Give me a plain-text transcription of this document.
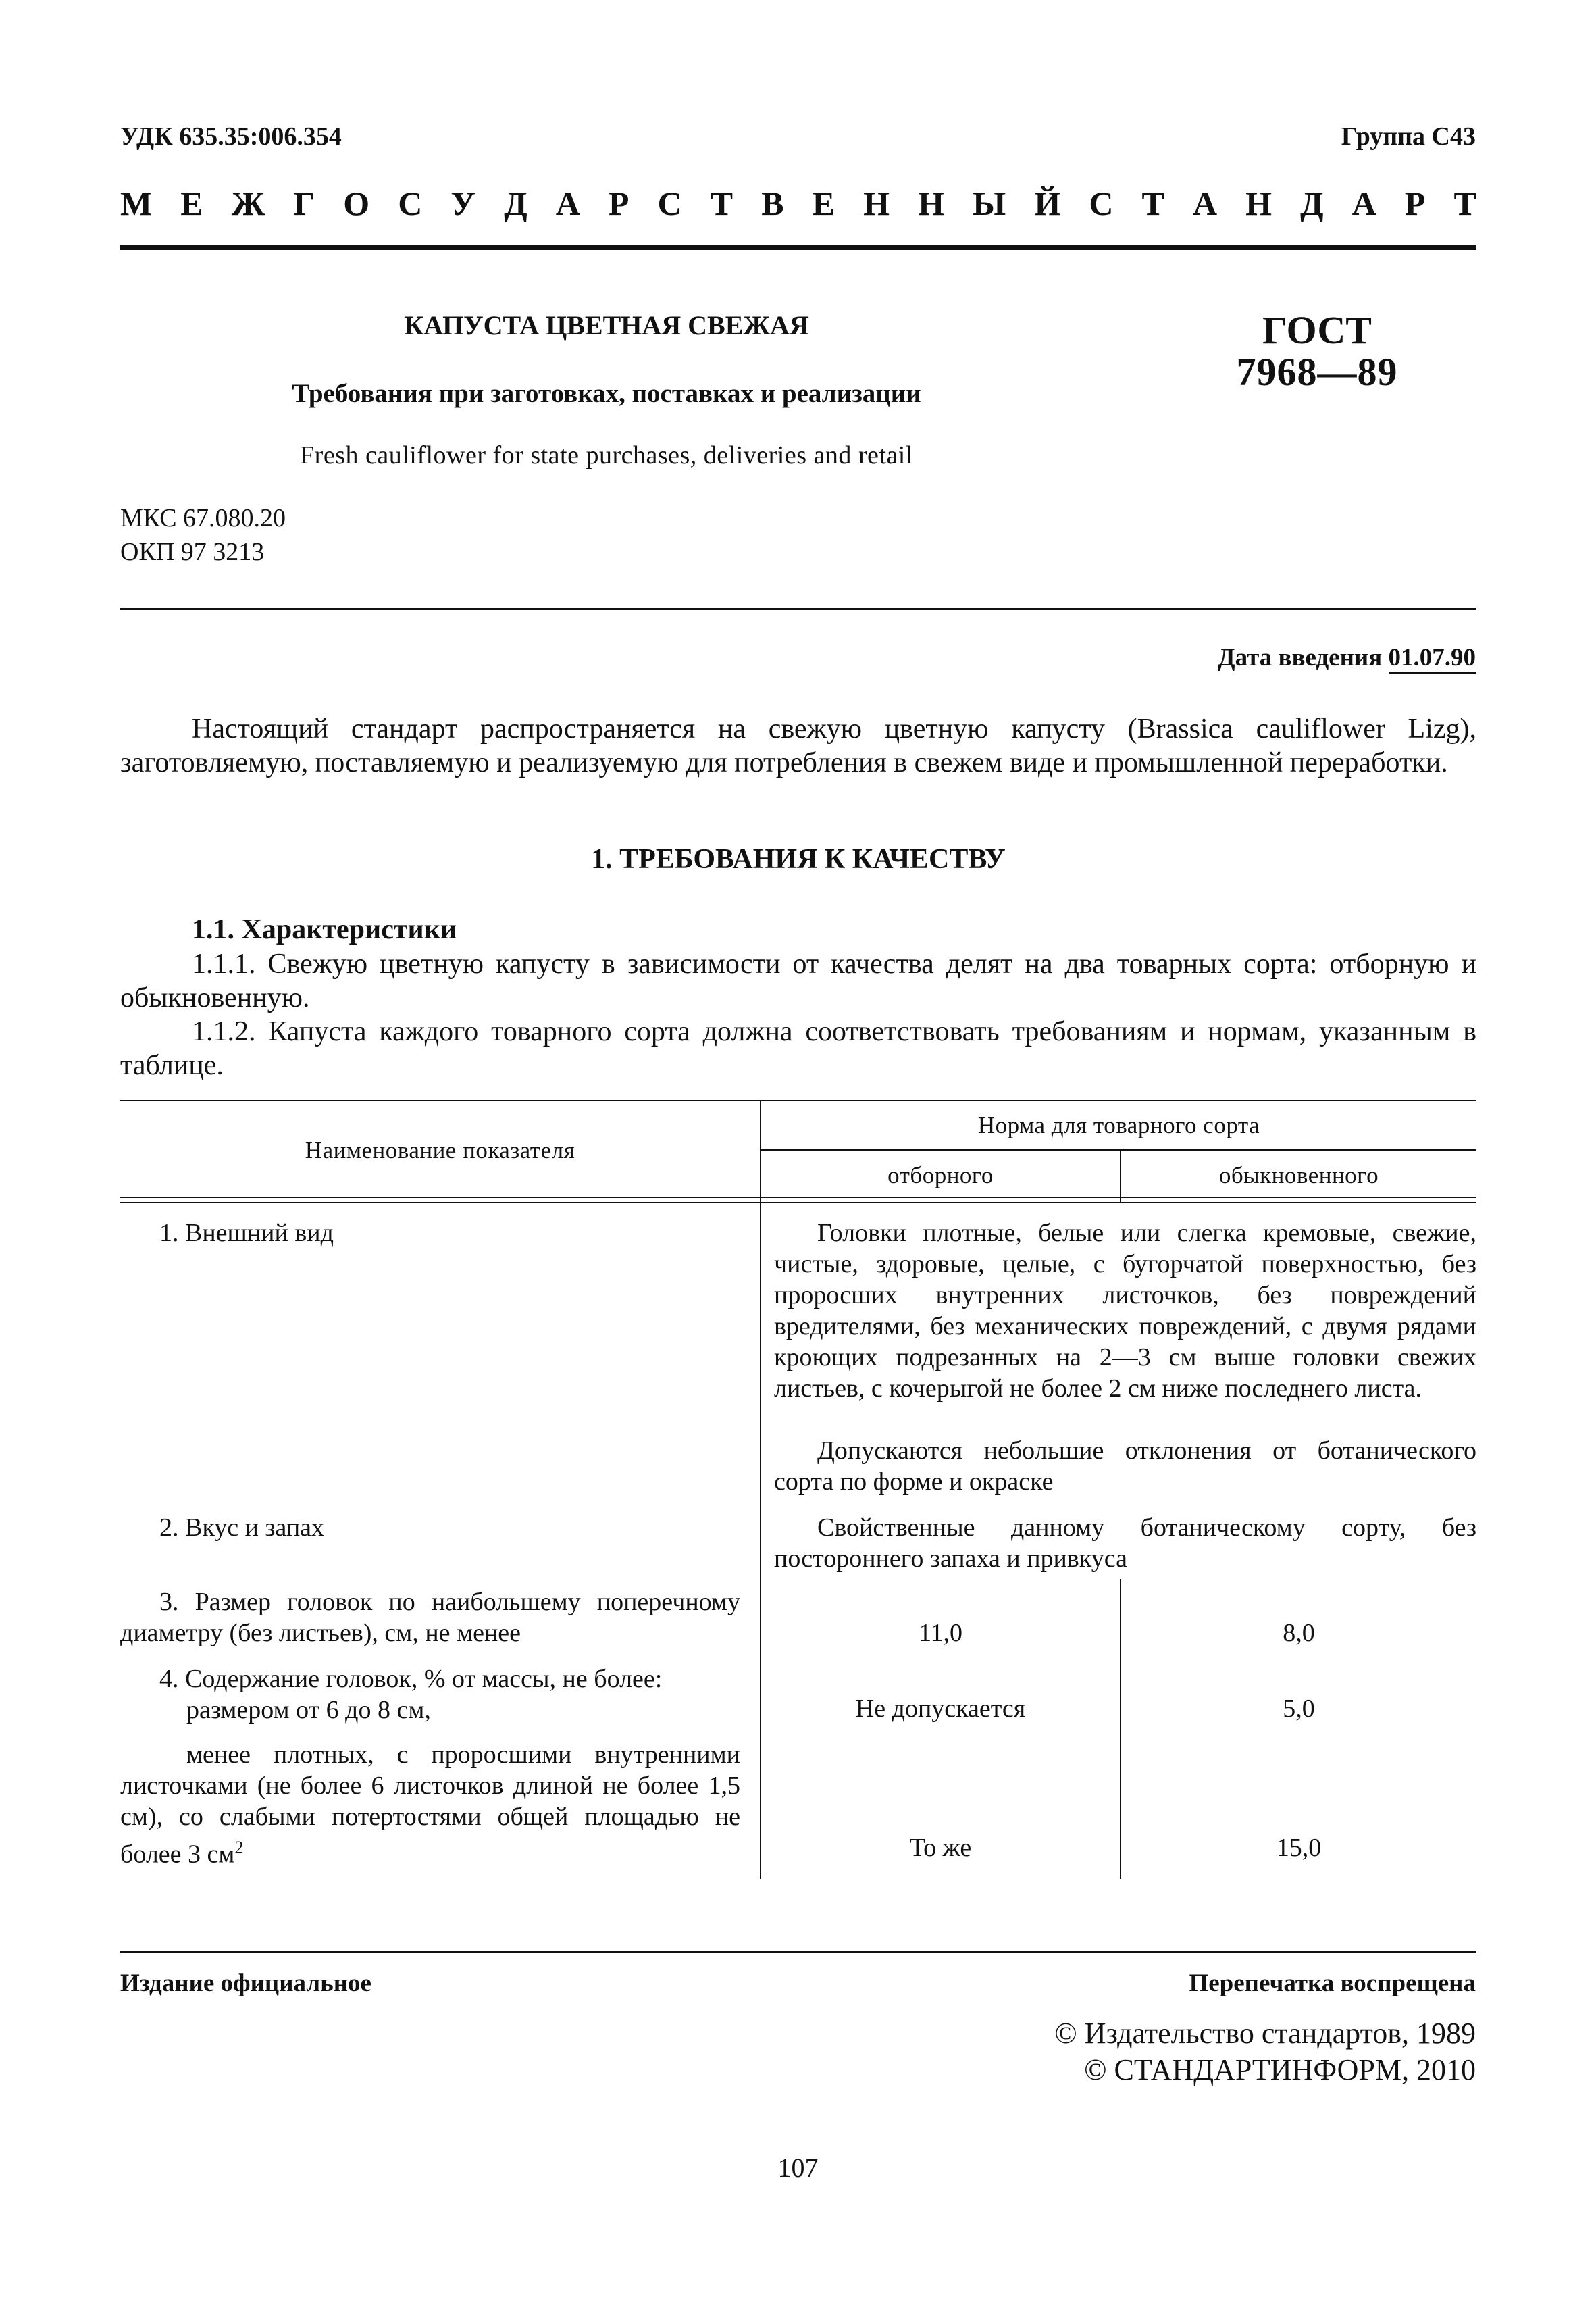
УДК 635.35:006.354	Группа С43
М Е Ж Г О С У Д А Р С Т В Е Н Н Ы Й С Т А Н Д А Р Т
КАПУСТА ЦВЕТНАЯ СВЕЖАЯ
Требования при заготовках, поставках и реализации
Fresh cauliflower for state purchases, deliveries and retail
ГОСТ
7968—89
МКС 67.080.20
ОКП 97 3213
Дата введения 01.07.90
Настоящий стандарт распространяется на свежую цветную капусту (Brassica cauliflower Lizg), заготовляемую, поставляемую и реализуемую для потребления в свежем виде и промышленной переработки.
1. ТРЕБОВАНИЯ К КАЧЕСТВУ
1.1. Характеристики
1.1.1. Свежую цветную капусту в зависимости от качества делят на два товарных сорта: отборную и обыкновенную.
1.1.2. Капуста каждого товарного сорта должна соответствовать требованиям и нормам, указанным в таблице.
Наименование показателя
Норма для товарного сорта
отборного	обыкновенного
1. Внешний вид	Головки плотные, белые или слегка кремовые, свежие, чистые, здоровые, целые, с бугорчатой поверхностью, без проросших внутренних листочков, без повреждений вредителями, без механических повреждений, с двумя рядами кроющих подрезанных на 2—3 см выше головки свежих листьев, с кочерыгой не более 2 см ниже последнего листа.
Допускаются небольшие отклонения от ботанического сорта по форме и окраске
2. Вкус и запах	Свойственные данному ботаническому сорту, без постороннего запаха и привкуса
3. Размер головок по наибольшему поперечному диаметру (без листьев), см, не менее	11,0	8,0
4. Содержание головок, % от массы, не более:
размером от 6 до 8 см,	Не допускается	5,0
менее плотных, с проросшими внутренними листочками (не более 6 листочков длиной не более 1,5 см), со слабыми потертостями общей площадью не более 3 $см^2$	То же	15,0
Издание официальное	Перепечатка воспрещена
© Издательство стандартов, 1989
© СТАНДАРТИНФОРМ, 2010
107
